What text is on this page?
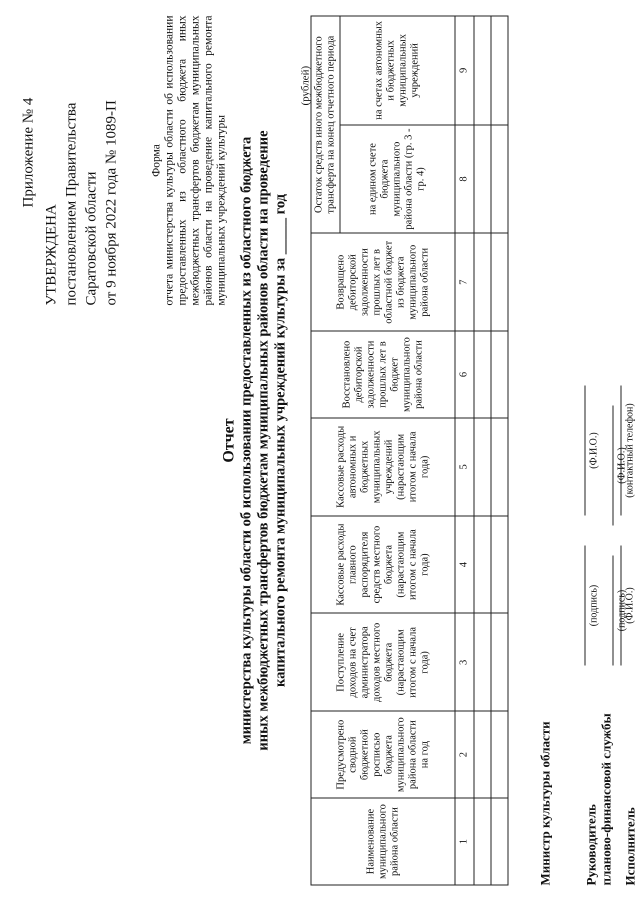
Приложение № 4
УТВЕРЖДЕНА постановлением Правительства Саратовской области от 9 ноября 2022 года № 1089-П	Форма отчета министерства культуры области об использовании предоставленных из областного бюджета иных межбюджетных трансфертов бюджетам муниципальных районов области на проведение капитального ремонта муниципальных учреждений культуры
Отчет министерства культуры области об использовании предоставленных из областного бюджета иных межбюджетных трансфертов бюджетам муниципальных районов области на проведение капитального ремонта муниципальных учреждений культуры за _____ год
(рублей)
Наименование муниципального района области	Предусмотрено сводной бюджетной росписью бюджета муниципального района области на год	Поступление доходов на счет администратора доходов местного бюджета (нарастающим итогом с начала года)	Кассовые расходы главного распорядителя средств местного бюджета (нарастающим итогом с начала года)	Кассовые расходы автономных и бюджетных муниципальных учреждений (нарастающим итогом с начала года)	Восстановлено дебиторской задолженности прошлых лет в бюджет муниципального района области	Возвращено дебиторской задолженности прошлых лет в областной бюджет из бюджета муниципального района области	Остаток средств иного межбюджетного трансферта на конец отчетного периода	
							на едином счете бюджета муниципального района области (гр. 3 - гр. 4)	на счетах автономных и бюджетных муниципальных учреждений
1	2	3	4	5	6	7	8	9

Министр культуры области
(подпись)
(Ф.И.О.)
Руководитель планово-финансовой службы
(подпись)
(Ф.И.О.)
Исполнитель
(Ф.И.О.)
(контактный телефон)
